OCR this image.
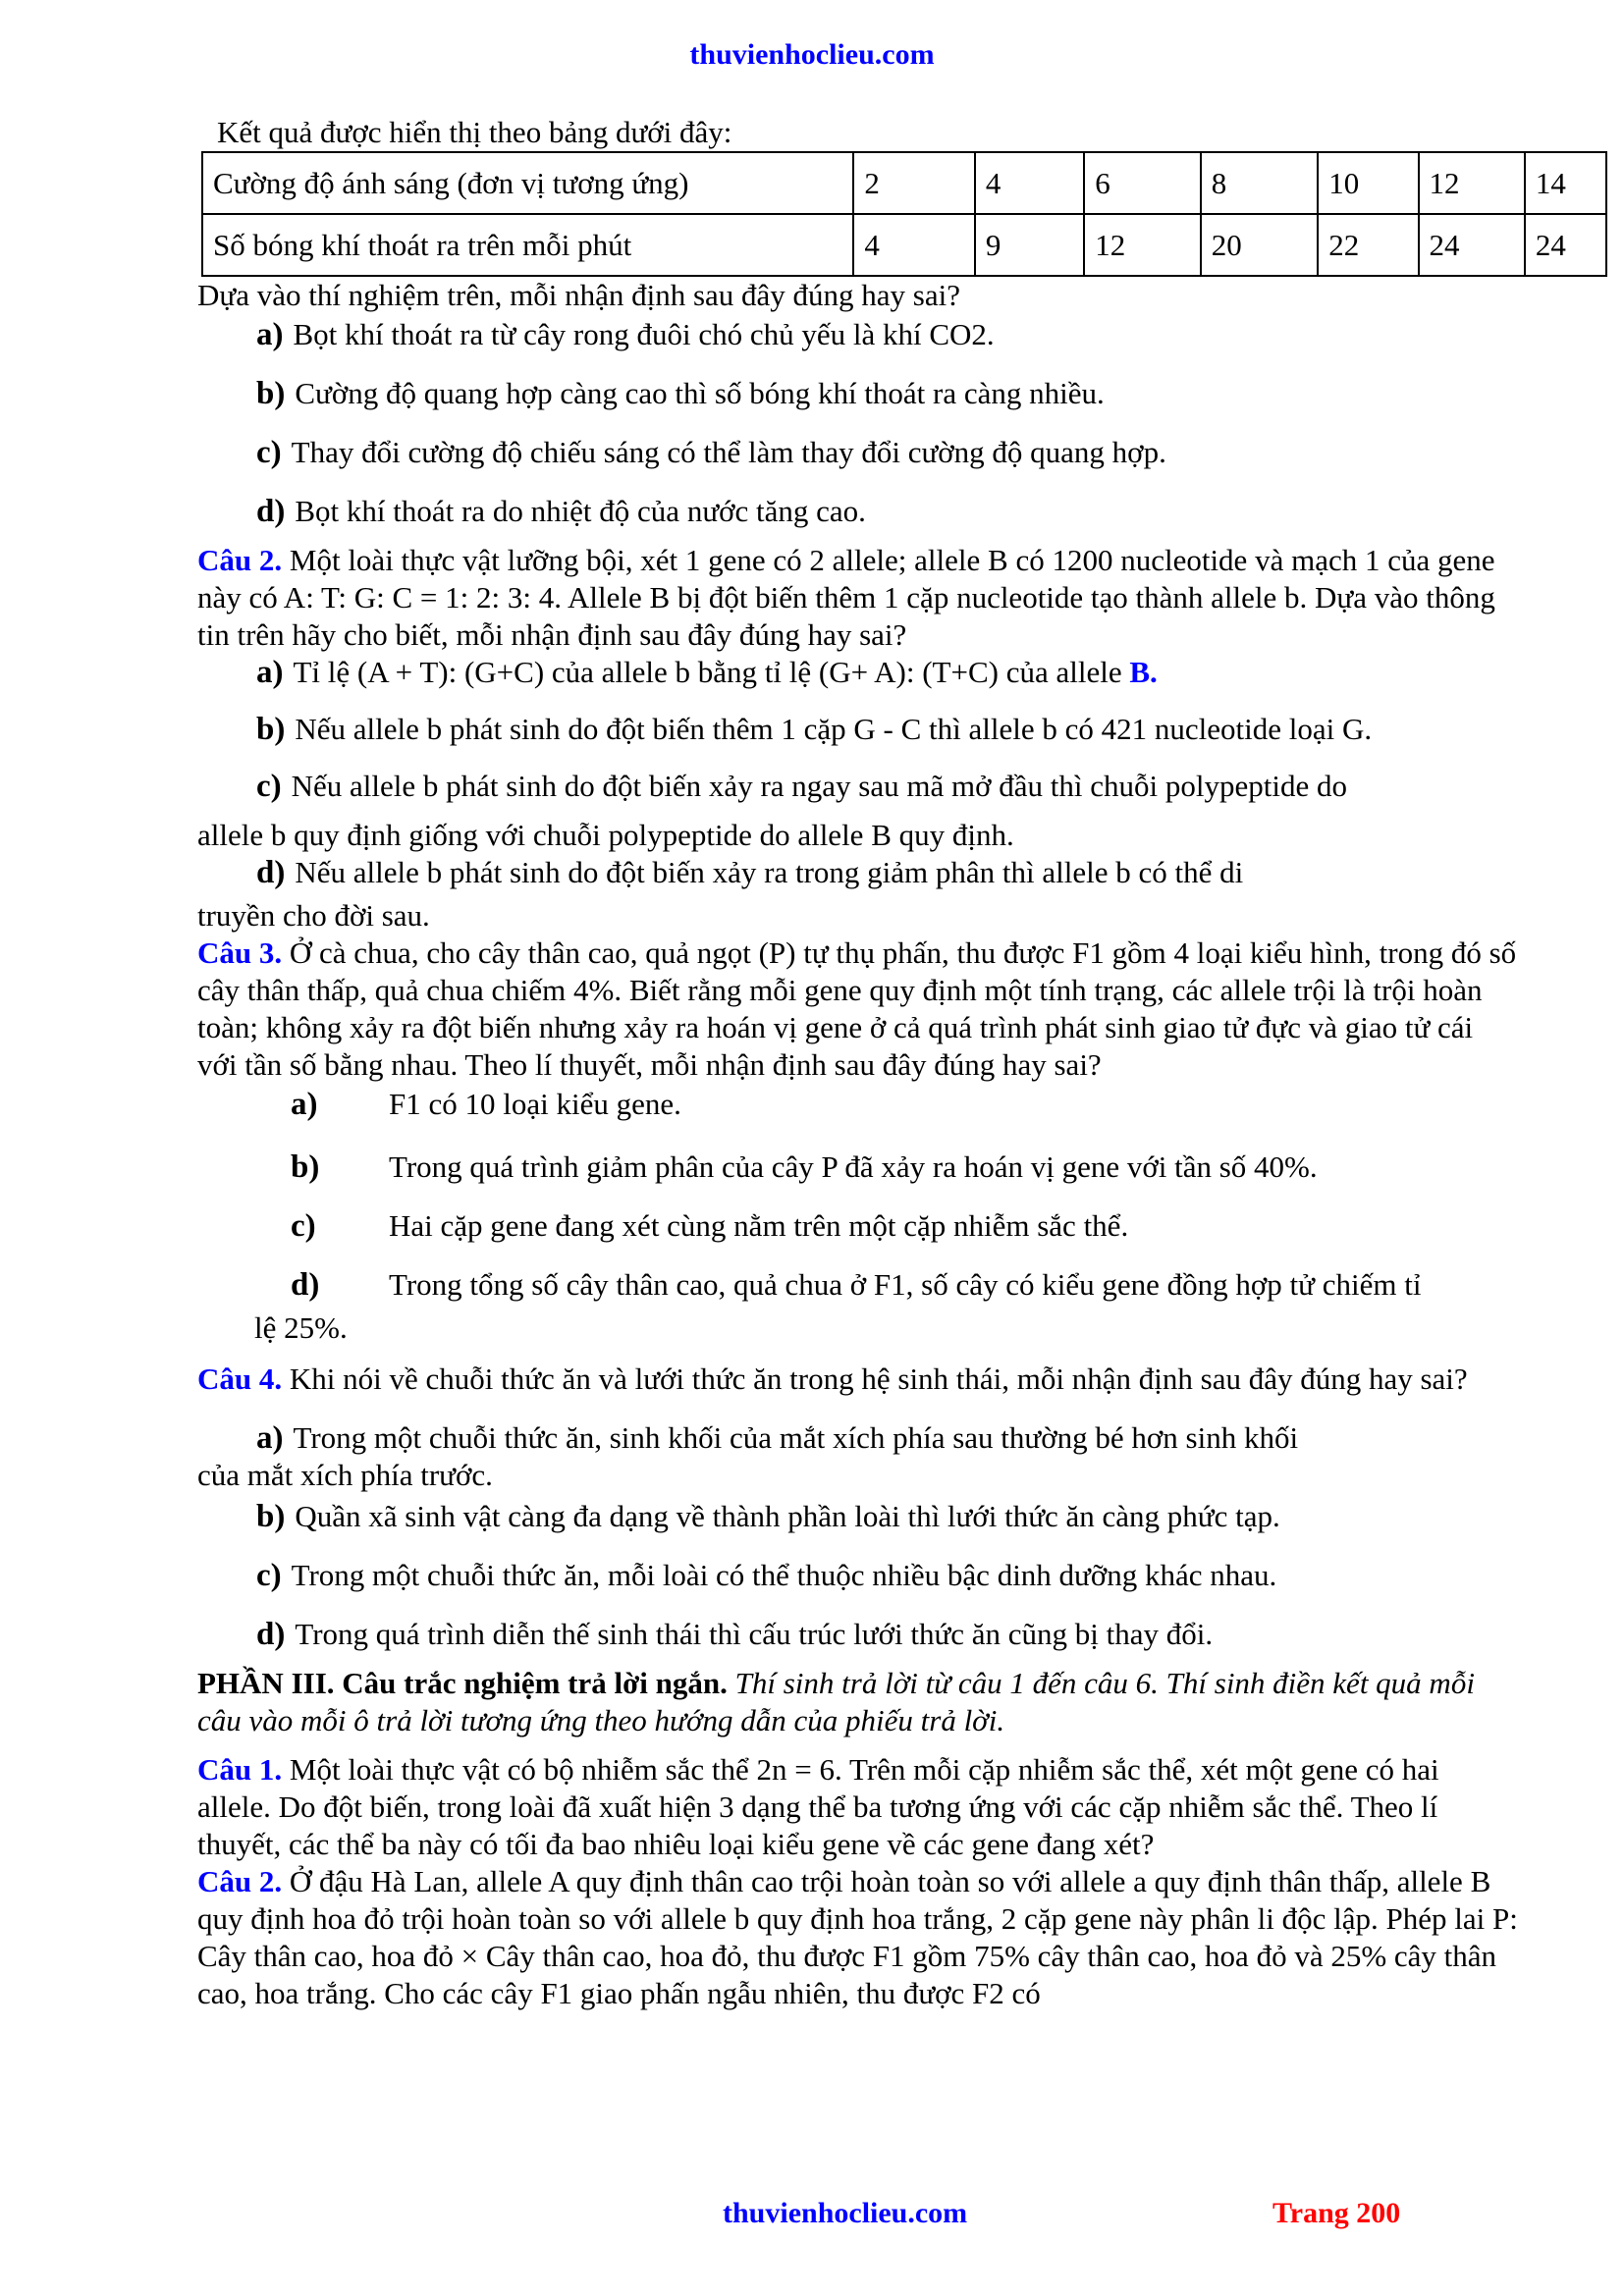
thuvienhoclieu.com

Kết quả được hiển thị theo bảng dưới đây:

Cường độ ánh sáng (đơn vị tương ứng)	2	4	6	8	10	12	14
Số bóng khí thoát ra trên mỗi phút	4	9	12	20	22	24	24

Dựa vào thí nghiệm trên, mỗi nhận định sau đây đúng hay sai?

a) Bọt khí thoát ra từ cây rong đuôi chó chủ yếu là khí CO2.

b) Cường độ quang hợp càng cao thì số bóng khí thoát ra càng nhiều.

c) Thay đổi cường độ chiếu sáng có thể làm thay đổi cường độ quang hợp.

d) Bọt khí thoát ra do nhiệt độ của nước tăng cao.

Câu 2. Một loài thực vật lưỡng bội, xét 1 gene có 2 allele; allele B có 1200 nucleotide và mạch 1 của gene này có A: T: G: C = 1: 2: 3: 4. Allele B bị đột biến thêm 1 cặp nucleotide tạo thành allele b. Dựa vào thông tin trên hãy cho biết, mỗi nhận định sau đây đúng hay sai?

a) Tỉ lệ (A + T): (G+C) của allele b bằng tỉ lệ (G+ A): (T+C) của allele B.

b) Nếu allele b phát sinh do đột biến thêm 1 cặp G - C thì allele b có 421 nucleotide loại G.

c) Nếu allele b phát sinh do đột biến xảy ra ngay sau mã mở đầu thì chuỗi polypeptide do

allele b quy định giống với chuỗi polypeptide do allele B quy định.

d) Nếu allele b phát sinh do đột biến xảy ra trong giảm phân thì allele b có thể di

truyền cho đời sau.

Câu 3. Ở cà chua, cho cây thân cao, quả ngọt (P) tự thụ phấn, thu được F1 gồm 4 loại kiểu hình, trong đó số cây thân thấp, quả chua chiếm 4%. Biết rằng mỗi gene quy định một tính trạng, các allele trội là trội hoàn toàn; không xảy ra đột biến nhưng xảy ra hoán vị gene ở cả quá trình phát sinh giao tử đực và giao tử cái với tần số bằng nhau. Theo lí thuyết, mỗi nhận định sau đây đúng hay sai?

a)	F1 có 10 loại kiểu gene.
b)	Trong quá trình giảm phân của cây P đã xảy ra hoán vị gene với tần số 40%.
c)	Hai cặp gene đang xét cùng nằm trên một cặp nhiễm sắc thể.
d)	Trong tổng số cây thân cao, quả chua ở F1, số cây có kiểu gene đồng hợp tử chiếm tỉ

lệ 25%.

Câu 4. Khi nói về chuỗi thức ăn và lưới thức ăn trong hệ sinh thái, mỗi nhận định sau đây đúng hay sai?

a) Trong một chuỗi thức ăn, sinh khối của mắt xích phía sau thường bé hơn sinh khối

của mắt xích phía trước.

b) Quần xã sinh vật càng đa dạng về thành phần loài thì lưới thức ăn càng phức tạp.

c) Trong một chuỗi thức ăn, mỗi loài có thể thuộc nhiều bậc dinh dưỡng khác nhau.

d) Trong quá trình diễn thế sinh thái thì cấu trúc lưới thức ăn cũng bị thay đổi.

PHẦN III. Câu trắc nghiệm trả lời ngắn. Thí sinh trả lời từ câu 1 đến câu 6. Thí sinh điền kết quả mỗi câu vào mỗi ô trả lời tương ứng theo hướng dẫn của phiếu trả lời.

Câu 1. Một loài thực vật có bộ nhiễm sắc thể 2n = 6. Trên mỗi cặp nhiễm sắc thể, xét một gene có hai allele. Do đột biến, trong loài đã xuất hiện 3 dạng thể ba tương ứng với các cặp nhiễm sắc thể. Theo lí thuyết, các thể ba này có tối đa bao nhiêu loại kiểu gene về các gene đang xét?

Câu 2. Ở đậu Hà Lan, allele A quy định thân cao trội hoàn toàn so với allele a quy định thân thấp, allele B quy định hoa đỏ trội hoàn toàn so với allele b quy định hoa trắng, 2 cặp gene này phân li độc lập. Phép lai P: Cây thân cao, hoa đỏ × Cây thân cao, hoa đỏ, thu được F1 gồm 75% cây thân cao, hoa đỏ và 25% cây thân cao, hoa trắng. Cho các cây F1 giao phấn ngẫu nhiên, thu được F2 có

thuvienhoclieu.com	Trang 200
